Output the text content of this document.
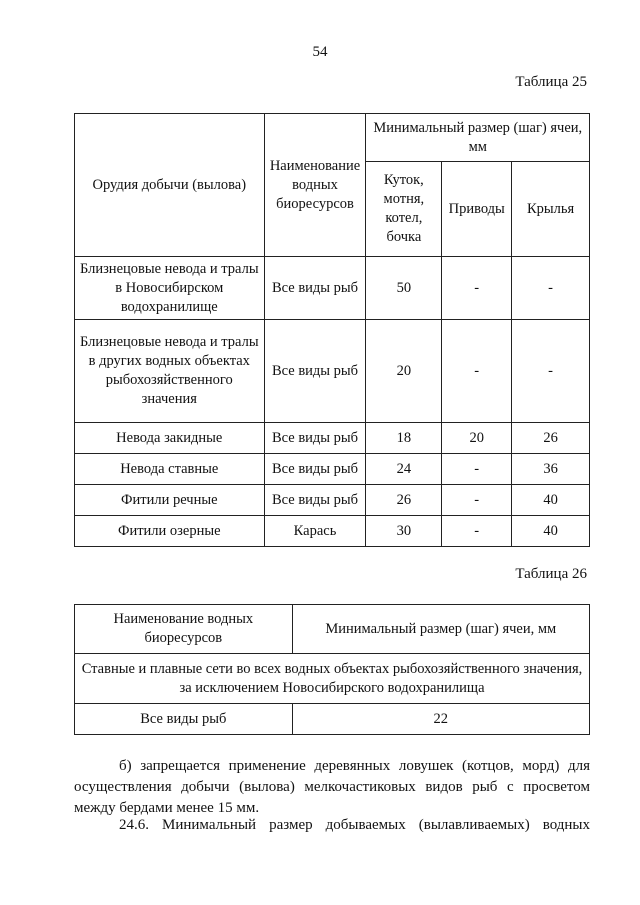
54
Таблица 25
Орудия добычи (вылова)	Наименование водных биоресурсов	Минимальный размер (шаг) ячеи, мм		
		Куток, мотня, котел, бочка	Приводы	Крылья
Близнецовые невода и тралы в Новосибирском водохранилище	Все виды рыб	50	-	-
Близнецовые невода и тралы в других водных объектах рыбохозяйственного значения	Все виды рыб	20	-	-
Невода закидные	Все виды рыб	18	20	26
Невода ставные	Все виды рыб	24	-	36
Фитили речные	Все виды рыб	26	-	40
Фитили озерные	Карась	30	-	40
Таблица 26
Наименование водных биоресурсов	Минимальный размер (шаг) ячеи, мм
Ставные и плавные сети во всех водных объектах рыбохозяйственного значения, за исключением Новосибирского водохранилища	
Все виды рыб	22
б) запрещается применение деревянных ловушек (котцов, морд) для осуществления добычи (вылова) мелкочастиковых видов рыб с просветом между бердами менее 15 мм.
24.6. Минимальный размер добываемых (вылавливаемых) водных
